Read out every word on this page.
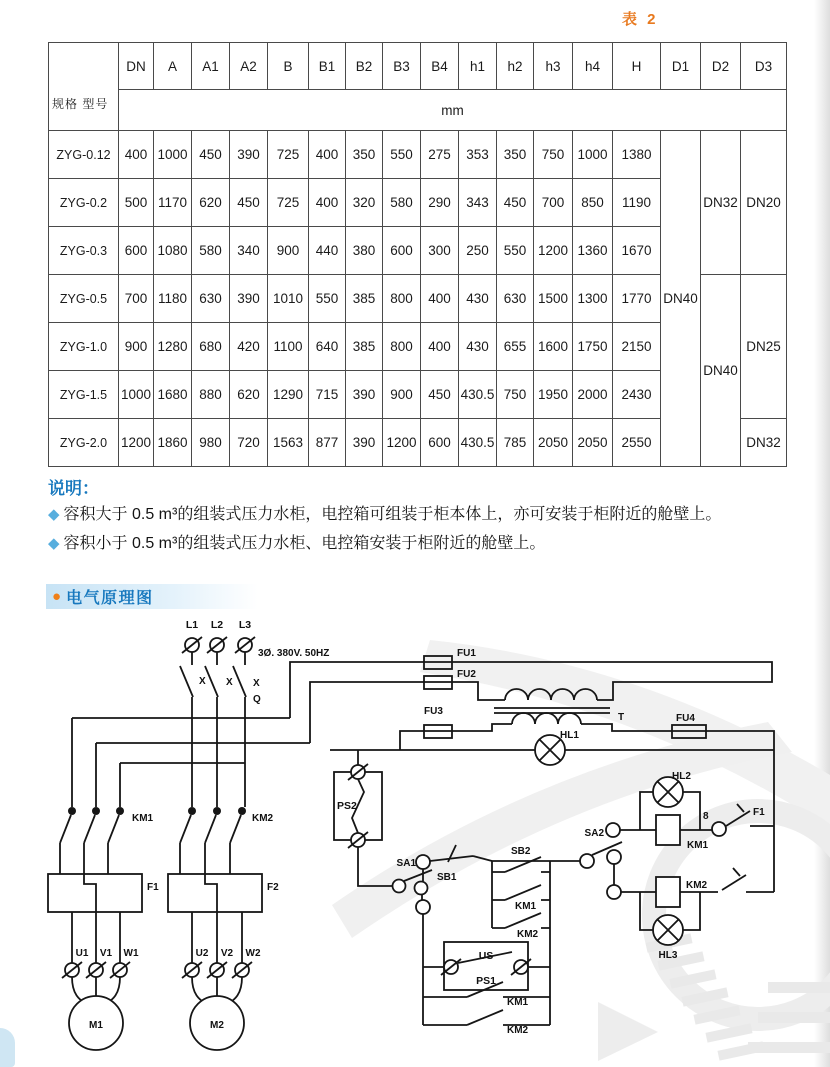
表 2
规格 型号	DN	A	A1	A2	B	B1	B2	B3	B4	h1	h2	h3	h4	H	D1	D2	D3
	mm																
ZYG-0.12	400	1000	450	390	725	400	350	550	275	353	350	750	1000	1380	DN40	DN32	DN20
ZYG-0.2	500	1170	620	450	725	400	320	580	290	343	450	700	850	1190			
ZYG-0.3	600	1080	580	340	900	440	380	600	300	250	550	1200	1360	1670			
ZYG-0.5	700	1180	630	390	1010	550	385	800	400	430	630	1500	1300	1770		DN40	DN25
ZYG-1.0	900	1280	680	420	1100	640	385	800	400	430	655	1600	1750	2150			
ZYG-1.5	1000	1680	880	620	1290	715	390	900	450	430.5	750	1950	2000	2430			
ZYG-2.0	1200	1860	980	720	1563	877	390	1200	600	430.5	785	2050	2050	2550			DN32
说明：
◆ 容积大于 0.5 m³的组装式压力水柜，电控箱可组装于柜本体上，亦可安装于柜附近的舱壁上。
◆ 容积小于 0.5 m³的组装式压力水柜、电控箱安装于柜附近的舱壁上。
● 电气原理图
L1 L2 L3
3Ø. 380V. 50HZ
X X X
Q
KM1	KM2
F1	F2
U1 V1 W1
M1
U2 V2 W2
M2
FU1
FU2
T
FU3
FU4
HL1
PS2
SB1
SA1
SB2
KM1
KM2
US
PS1
KM1
KM2
SA2
HL2
KM1
8	F1
KM2
HL3
